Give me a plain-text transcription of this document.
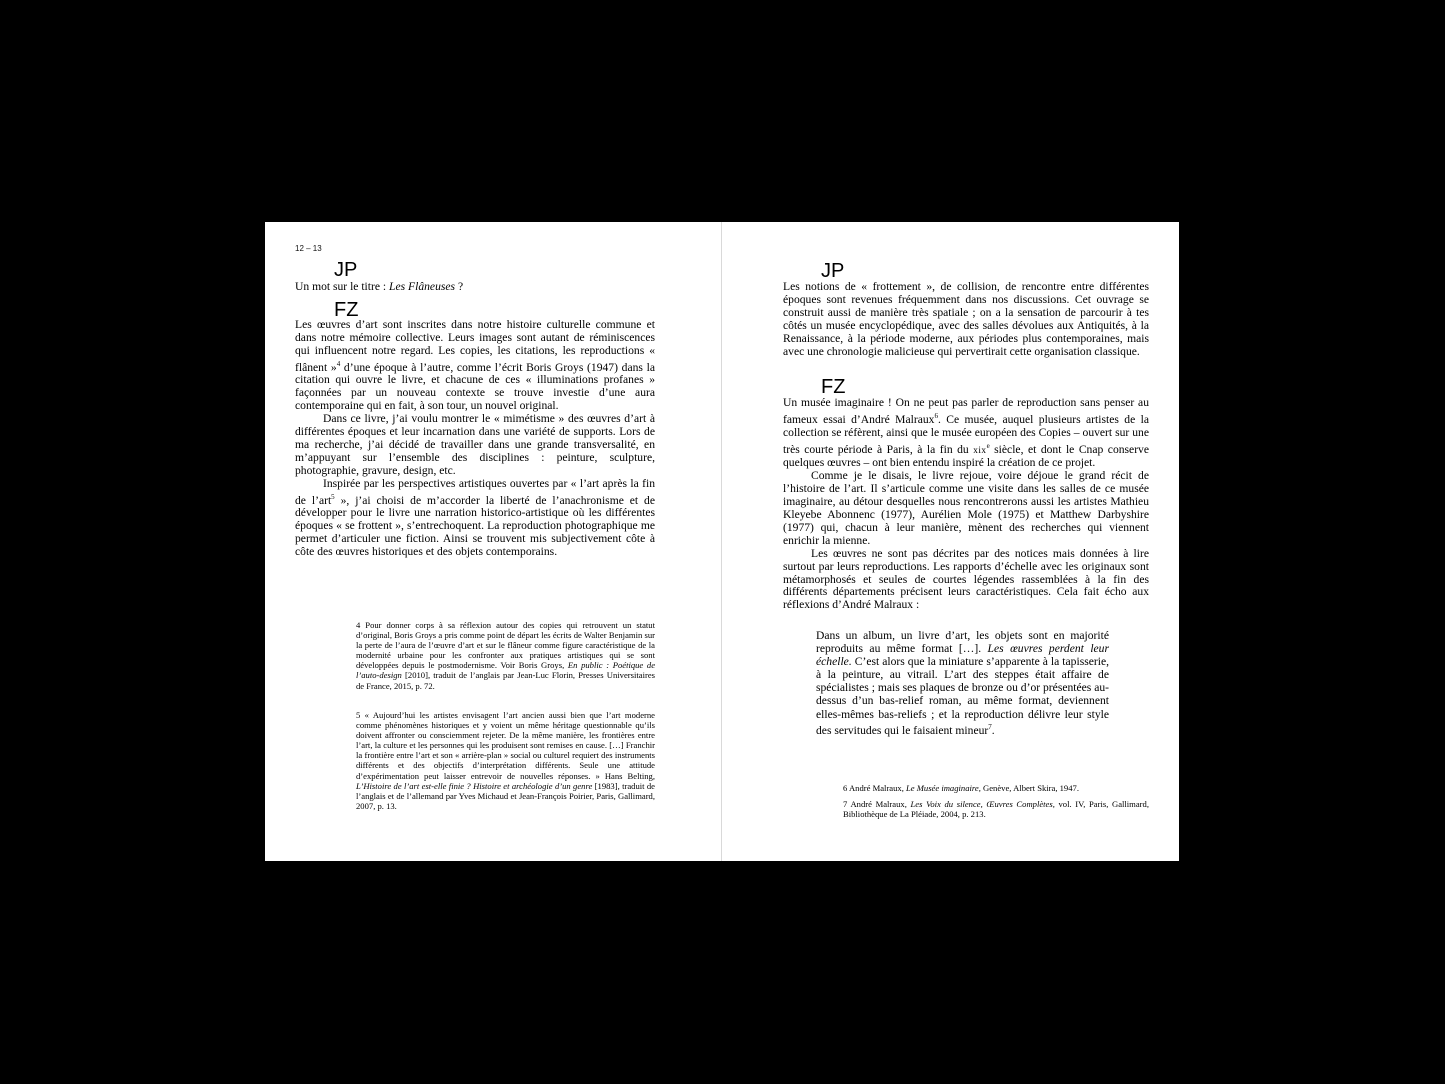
12 – 13
JP
Un mot sur le titre : Les Flâneuses ?
FZ

Les œuvres d’art sont inscrites dans notre histoire culturelle commune et dans notre mémoire collective. Leurs images sont autant de réminiscences qui influencent notre regard. Les copies, les citations, les reproductions « flânent »$^4$ d’une époque à l’autre, comme l’écrit Boris Groys (1947) dans la citation qui ouvre le livre, et chacune de ces « illuminations profanes » façonnées par un nouveau contexte se trouve investie d’une aura contemporaine qui en fait, à son tour, un nouvel original.

Dans ce livre, j’ai voulu montrer le « mimétisme » des œuvres d’art à différentes époques et leur incarnation dans une variété de supports. Lors de ma recherche, j’ai décidé de travailler dans une grande transversalité, en m’appuyant sur l’ensemble des disciplines : peinture, sculpture, photographie, gravure, design, etc.

Inspirée par les perspectives artistiques ouvertes par « l’art après la fin de l’art$^5$ », j’ai choisi de m’accorder la liberté de l’anachronisme et de développer pour le livre une narration historico-artistique où les différentes époques « se frottent », s’entrechoquent. La reproduction photographique me permet d’articuler une fiction. Ainsi se trouvent mis subjectivement côte à côte des œuvres historiques et des objets contemporains.

4 Pour donner corps à sa réflexion autour des copies qui retrouvent un statut d’original, Boris Groys a pris comme point de départ les écrits de Walter Benjamin sur la perte de l’aura de l’œuvre d’art et sur le flâneur comme figure caractéristique de la modernité urbaine pour les confronter aux pratiques artistiques qui se sont développées depuis le postmodernisme. Voir Boris Groys, En public : Poétique de l’auto-design [2010], traduit de l’anglais par Jean-Luc Florin, Presses Universitaires de France, 2015, p. 72.
5 « Aujourd’hui les artistes envisagent l’art ancien aussi bien que l’art moderne comme phénomènes historiques et y voient un même héritage questionnable qu’ils doivent affronter ou consciemment rejeter. De la même manière, les frontières entre l’art, la culture et les personnes qui les produisent sont remises en cause. […] Franchir la frontière entre l’art et son « arrière-plan » social ou culturel requiert des instruments différents et des objectifs d’interprétation différents. Seule une attitude d’expérimentation peut laisser entrevoir de nouvelles réponses. » Hans Belting, L’Histoire de l’art est-elle finie ? Histoire et archéologie d’un genre [1983], traduit de l’anglais et de l’allemand par Yves Michaud et Jean-François Poirier, Paris, Gallimard, 2007, p. 13.
JP

Les notions de « frottement », de collision, de rencontre entre différentes époques sont revenues fréquemment dans nos discussions. Cet ouvrage se construit aussi de manière très spatiale ; on a la sensation de parcourir à tes côtés un musée encyclopédique, avec des salles dévolues aux Antiquités, à la Renaissance, à la période moderne, aux périodes plus contemporaines, mais avec une chronologie malicieuse qui pervertirait cette organisation classique.

FZ

Un musée imaginaire ! On ne peut pas parler de reproduction sans penser au fameux essai d’André Malraux$^6$. Ce musée, auquel plusieurs artistes de la collection se réfèrent, ainsi que le musée européen des Copies – ouvert sur une très courte période à Paris, à la fin du xix$^e$ siècle, et dont le Cnap conserve quelques œuvres – ont bien entendu inspiré la création de ce projet.

Comme je le disais, le livre rejoue, voire déjoue le grand récit de l’histoire de l’art. Il s’articule comme une visite dans les salles de ce musée imaginaire, au détour desquelles nous rencontrerons aussi les artistes Mathieu Kleyebe Abonnenc (1977), Aurélien Mole (1975) et Matthew Darbyshire (1977) qui, chacun à leur manière, mènent des recherches qui viennent enrichir la mienne.

Les œuvres ne sont pas décrites par des notices mais données à lire surtout par leurs reproductions. Les rapports d’échelle avec les originaux sont métamorphosés et seules de courtes légendes rassemblées à la fin des différents départements précisent leurs caractéristiques. Cela fait écho aux réflexions d’André Malraux :

Dans un album, un livre d’art, les objets sont en majorité reproduits au même format […]. Les œuvres perdent leur échelle. C’est alors que la miniature s’apparente à la tapisserie, à la peinture, au vitrail. L’art des steppes était affaire de spécialistes ; mais ses plaques de bronze ou d’or présentées au-dessus d’un bas-relief roman, au même format, deviennent elles-mêmes bas-reliefs ; et la reproduction délivre leur style des servitudes qui le faisaient mineur$^7$.
6 André Malraux, Le Musée imaginaire, Genève, Albert Skira, 1947.
7 André Malraux, Les Voix du silence, Œuvres Complètes, vol. IV, Paris, Gallimard, Bibliothèque de La Pléiade, 2004, p. 213.
